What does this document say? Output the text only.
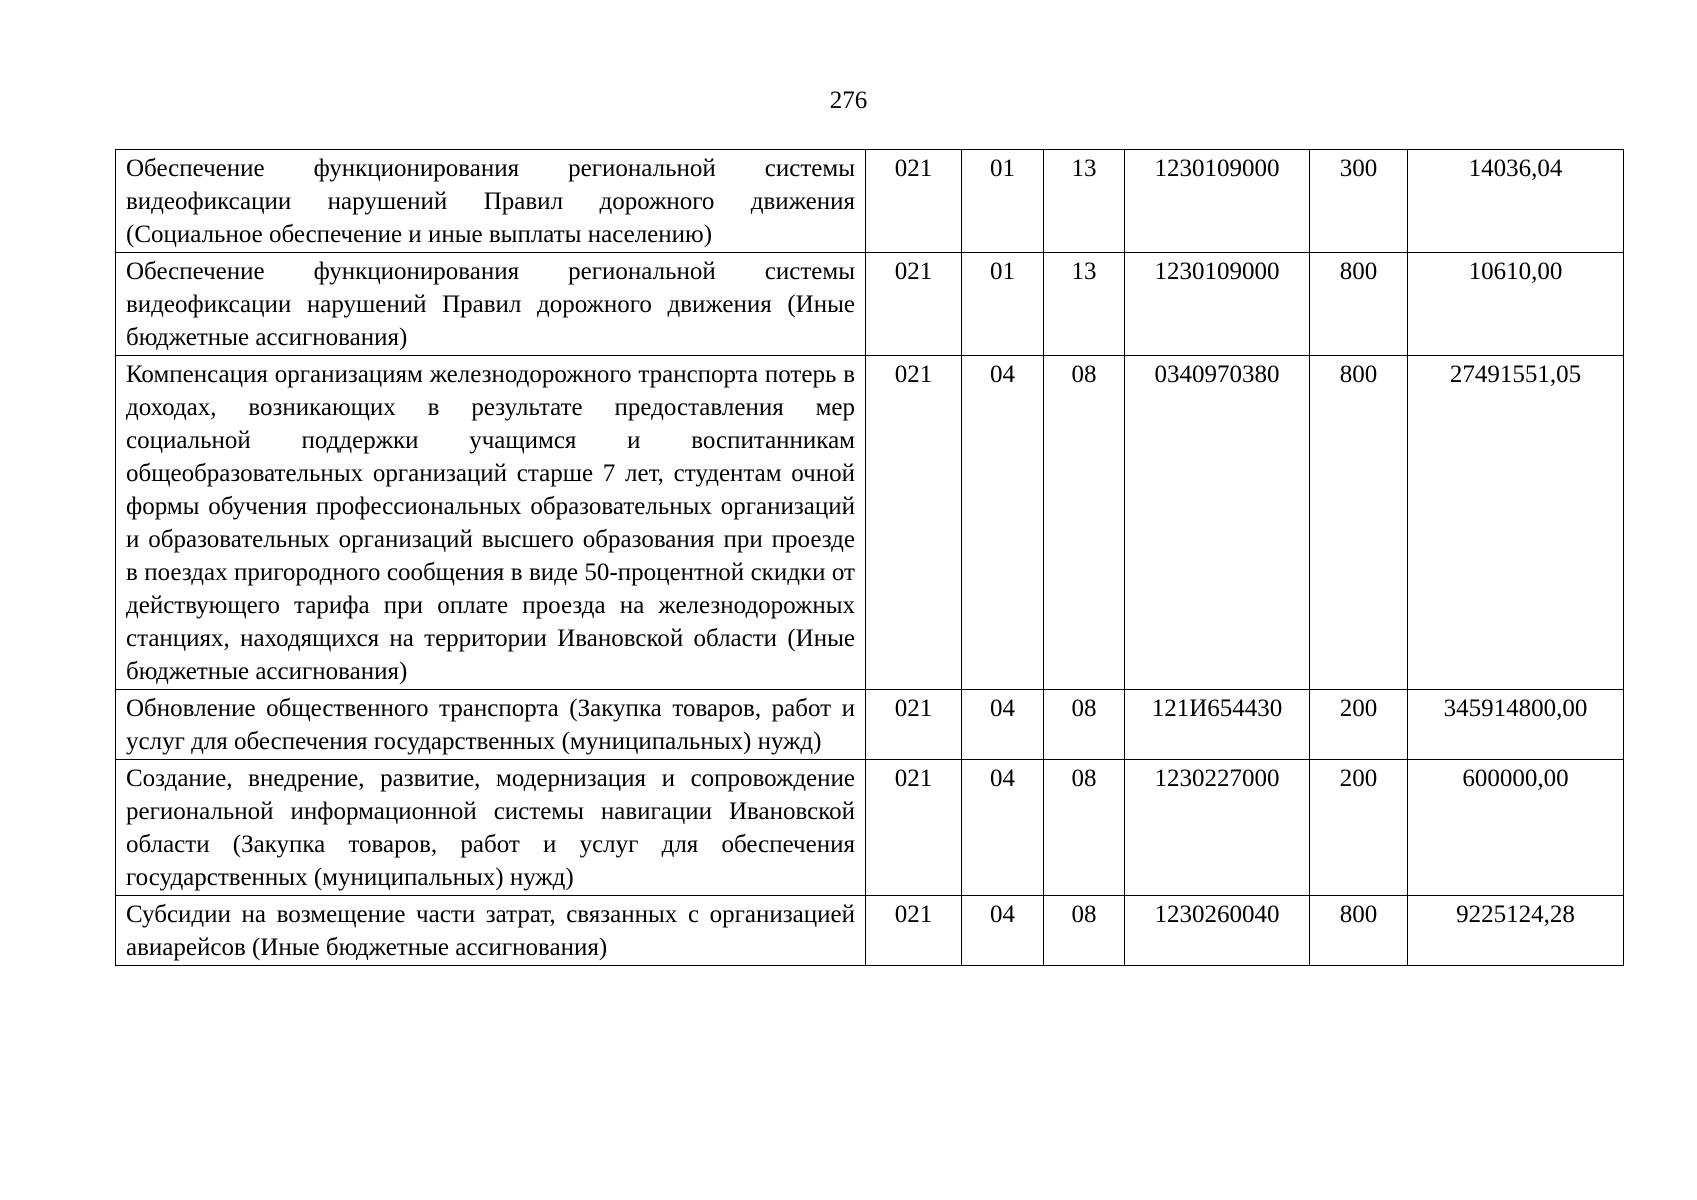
276
Обеспечение функционирования региональной системы видеофиксации нарушений Правил дорожного движения (Социальное обеспечение и иные выплаты населению)	021	01	13	1230109000	300	14036,04
Обеспечение функционирования региональной системы видеофиксации нарушений Правил дорожного движения (Иные бюджетные ассигнования)	021	01	13	1230109000	800	10610,00
Компенсация организациям железнодорожного транспорта потерь в доходах, возникающих в результате предоставления мер социальной поддержки учащимся и воспитанникам общеобразовательных организаций старше 7 лет, студентам очной формы обучения профессиональных образовательных организаций и образовательных организаций высшего образования при проезде в поездах пригородного сообщения в виде 50-процентной скидки от действующего тарифа при оплате проезда на железнодорожных станциях, находящихся на территории Ивановской области (Иные бюджетные ассигнования)	021	04	08	0340970380	800	27491551,05
Обновление общественного транспорта (Закупка товаров, работ и услуг для обеспечения государственных (муниципальных) нужд)	021	04	08	121И654430	200	345914800,00
Создание, внедрение, развитие, модернизация и сопровождение региональной информационной системы навигации Ивановской области (Закупка товаров, работ и услуг для обеспечения государственных (муниципальных) нужд)	021	04	08	1230227000	200	600000,00
Субсидии на возмещение части затрат, связанных с организацией авиарейсов (Иные бюджетные ассигнования)	021	04	08	1230260040	800	9225124,28
